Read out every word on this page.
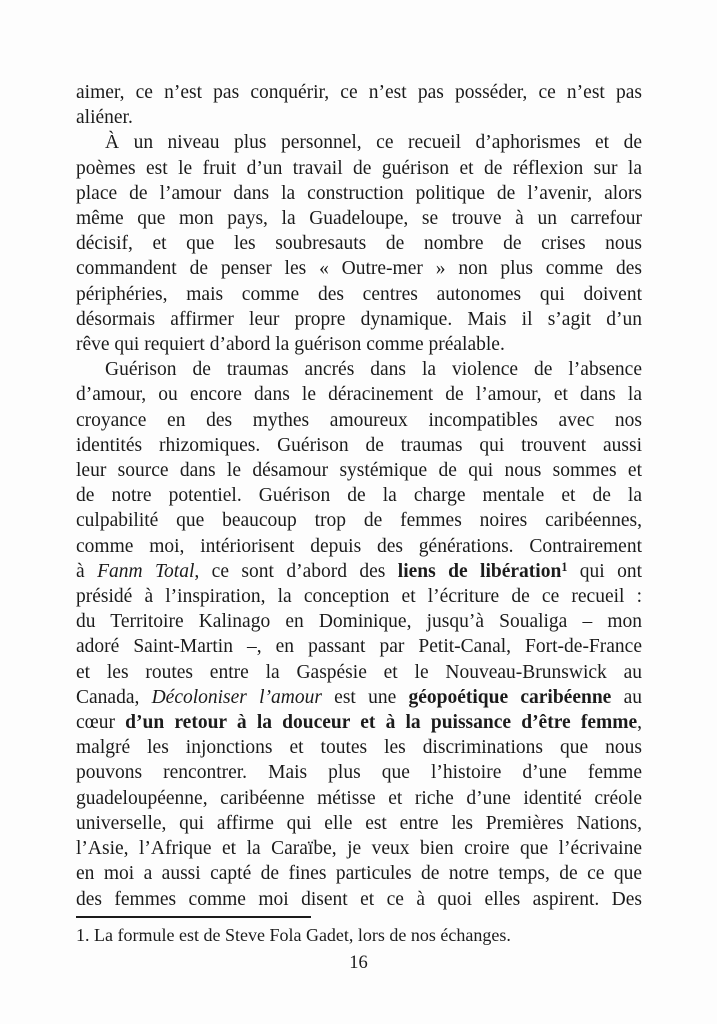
aimer, ce n’est pas conquérir, ce n’est pas posséder, ce n’est pas
aliéner.
À un niveau plus personnel, ce recueil d’aphorismes et de
poèmes est le fruit d’un travail de guérison et de réflexion sur la
place de l’amour dans la construction politique de l’avenir, alors
même que mon pays, la Guadeloupe, se trouve à un carrefour
décisif, et que les soubresauts de nombre de crises nous
commandent de penser les « Outre-mer » non plus comme des
périphéries, mais comme des centres autonomes qui doivent
désormais affirmer leur propre dynamique. Mais il s’agit d’un
rêve qui requiert d’abord la guérison comme préalable.
Guérison de traumas ancrés dans la violence de l’absence
d’amour, ou encore dans le déracinement de l’amour, et dans la
croyance en des mythes amoureux incompatibles avec nos
identités rhizomiques. Guérison de traumas qui trouvent aussi
leur source dans le désamour systémique de qui nous sommes et
de notre potentiel. Guérison de la charge mentale et de la
culpabilité que beaucoup trop de femmes noires caribéennes,
comme moi, intériorisent depuis des générations. Contrairement
à Fanm Total, ce sont d’abord des liens de libération$^1$ qui ont
présidé à l’inspiration, la conception et l’écriture de ce recueil :
du Territoire Kalinago en Dominique, jusqu’à Soualiga – mon
adoré Saint-Martin –, en passant par Petit-Canal, Fort-de-France
et les routes entre la Gaspésie et le Nouveau-Brunswick au
Canada, Décoloniser l’amour est une géopoétique caribéenne au
cœur d’un retour à la douceur et à la puissance d’être femme,
malgré les injonctions et toutes les discriminations que nous
pouvons rencontrer. Mais plus que l’histoire d’une femme
guadeloupéenne, caribéenne métisse et riche d’une identité créole
universelle, qui affirme qui elle est entre les Premières Nations,
l’Asie, l’Afrique et la Caraïbe, je veux bien croire que l’écrivaine
en moi a aussi capté de fines particules de notre temps, de ce que
des femmes comme moi disent et ce à quoi elles aspirent. Des
1. La formule est de Steve Fola Gadet, lors de nos échanges.
16
